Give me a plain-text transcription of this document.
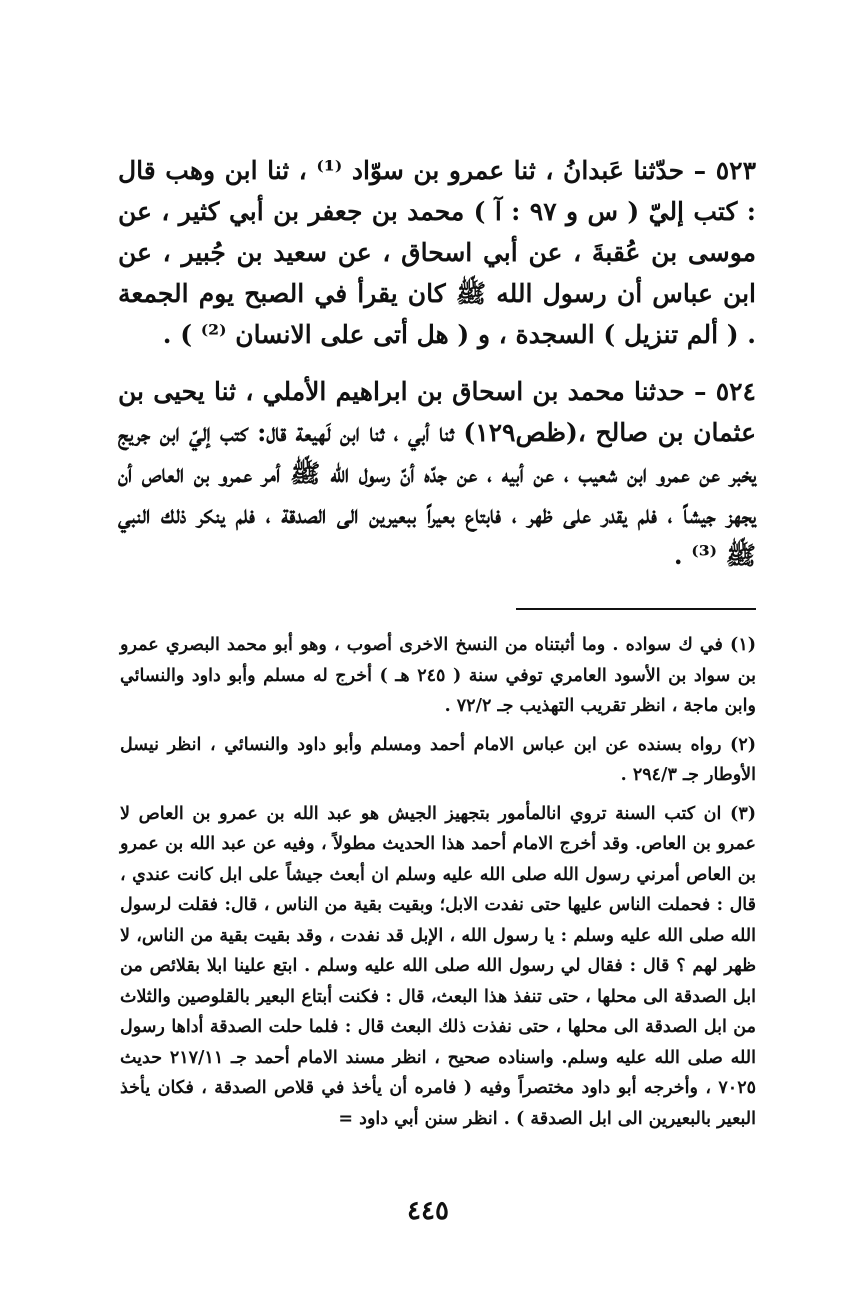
٥٢٣ – حدّثنا عَبدانُ ، ثنا عمرو بن سوّاد ⁽¹⁾ ، ثنا ابن وهب قال : كتب إليّ ( س و ٩٧ : آ ) محمد بن جعفر بن أبي كثير ، عن موسى بن عُقبةَ ، عن أبي اسحاق ، عن سعيد بن جُبير ، عن ابن عباس أن رسول الله ﷺ كان يقرأ في الصبح يوم الجمعة . ( ألم تنزيل ) السجدة ، و ( هل أتى على الانسان ⁽²⁾ ) .

٥٢٤ – حدثنا محمد بن اسحاق بن ابراهيم الأملي ، ثنا يحيى بن عثمان بن صالح ،(ظص١٢٩) ثنا أبي ، ثنا ابن لَهيعة قال: كتب إليّ ابن جريج يخبر عن عمرو ابن شعيب ، عن أبيه ، عن جدّه أنّ رسول الله ﷺ أمر عمرو بن العاص أن يجهز جيشاً ، فلم يقدر على ظهر ، فابتاع بعيراً ببعيرين الى الصدقة ، فلم ينكر ذلك النبي ﷺ ⁽³⁾ .

(١) في ك سواده . وما أثبتناه من النسخ الاخرى أصوب ، وهو أبو محمد البصري عمرو بن سواد بن الأسود العامري توفي سنة ( ٢٤٥ هـ ) أخرج له مسلم وأبو داود والنسائي وابن ماجة ، انظر تقريب التهذيب جـ ٧٢/٢ .

(٢) رواه بسنده عن ابن عباس الامام أحمد ومسلم وأبو داود والنسائي ، انظر نيسل الأوطار جـ ٢٩٤/٣ .

(٣) ان كتب السنة تروي انالمأمور بتجهيز الجيش هو عبد الله بن عمرو بن العاص لا عمرو بن العاص. وقد أخرج الامام أحمد هذا الحديث مطولاً ، وفيه عن عبد الله بن عمرو بن العاص أمرني رسول الله صلى الله عليه وسلم ان أبعث جيشاً على ابل كانت عندي ، قال : فحملت الناس عليها حتى نفدت الابل؛ وبقيت بقية من الناس ، قال: فقلت لرسول الله صلى الله عليه وسلم : يا رسول الله ، الإبل قد نفدت ، وقد بقيت بقية من الناس، لا ظهر لهم ؟ قال : فقال لي رسول الله صلى الله عليه وسلم . ابتع علينا ابلا بقلائص من ابل الصدقة الى محلها ، حتى تنفذ هذا البعث، قال : فكنت أبتاع البعير بالقلوصين والثلاث من ابل الصدقة الى محلها ، حتى نفذت ذلك البعث قال : فلما حلت الصدقة أداها رسول الله صلى الله عليه وسلم. واسناده صحيح ، انظر مسند الامام أحمد جـ ٢١٧/١١ حديث ٧٠٢٥ ، وأخرجه أبو داود مختصراً وفيه ( فامره أن يأخذ في قلاص الصدقة ، فكان يأخذ البعير بالبعيرين الى ابل الصدقة ) . انظر سنن أبي داود =

٤٤٥
